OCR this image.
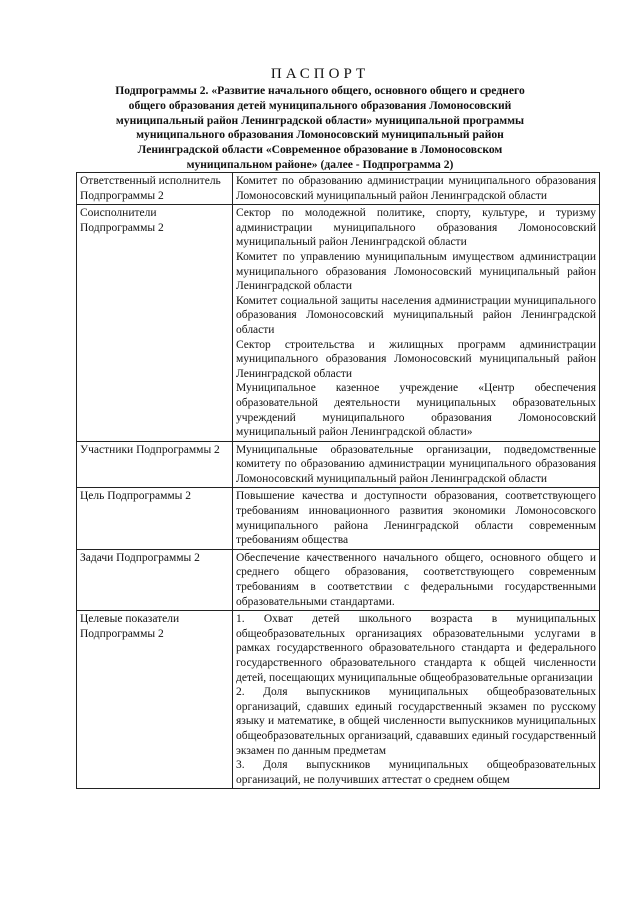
ПАСПОРТ
Подпрограммы 2. «Развитие начального общего, основного общего и среднего общего образования детей муниципального образования Ломоносовский муниципальный район Ленинградской области» муниципальной программы муниципального образования Ломоносовский муниципальный район Ленинградской области «Современное образование в Ломоносовском муниципальном районе» (далее - Подпрограмма 2)
Ответственный исполнитель Подпрограммы 2	Комитет по образованию администрации муниципального образования Ломоносовский муниципальный район Ленинградской области

Соисполнители Подпрограммы 2	Сектор по молодежной политике, спорту, культуре, и туризму администрации муниципального образования Ломоносовский муниципальный район Ленинградской области
Комитет по управлению муниципальным имуществом администрации муниципального образования Ломоносовский муниципальный район Ленинградской области
Комитет социальной защиты населения администрации муниципального образования Ломоносовский муниципальный район Ленинградской области
Сектор строительства и жилищных программ администрации муниципального образования Ломоносовский муниципальный район Ленинградской области
Муниципальное казенное учреждение «Центр обеспечения образовательной деятельности муниципальных образовательных учреждений муниципального образования Ломоносовский муниципальный район Ленинградской области»

Участники Подпрограммы 2	Муниципальные образовательные организации, подведомственные комитету по образованию администрации муниципального образования Ломоносовский муниципальный район Ленинградской области

Цель Подпрограммы 2	Повышение качества и доступности образования, соответствующего требованиям инновационного развития экономики Ломоносовского муниципального района Ленинградской области современным требованиям общества

Задачи Подпрограммы 2	Обеспечение качественного начального общего, основного общего и среднего общего образования, соответствующего современным требованиям в соответствии с федеральными государственными образовательными стандартами.

Целевые показатели Подпрограммы 2	1. Охват детей школьного возраста в муниципальных общеобразовательных организациях образовательными услугами в рамках государственного образовательного стандарта и федерального государственного образовательного стандарта к общей численности детей, посещающих муниципальные общеобразовательные организации
2. Доля выпускников муниципальных общеобразовательных организаций, сдавших единый государственный экзамен по русскому языку и математике, в общей численности выпускников муниципальных общеобразовательных организаций, сдававших единый государственный экзамен по данным предметам
3. Доля выпускников муниципальных общеобразовательных организаций, не получивших аттестат о среднем общем
